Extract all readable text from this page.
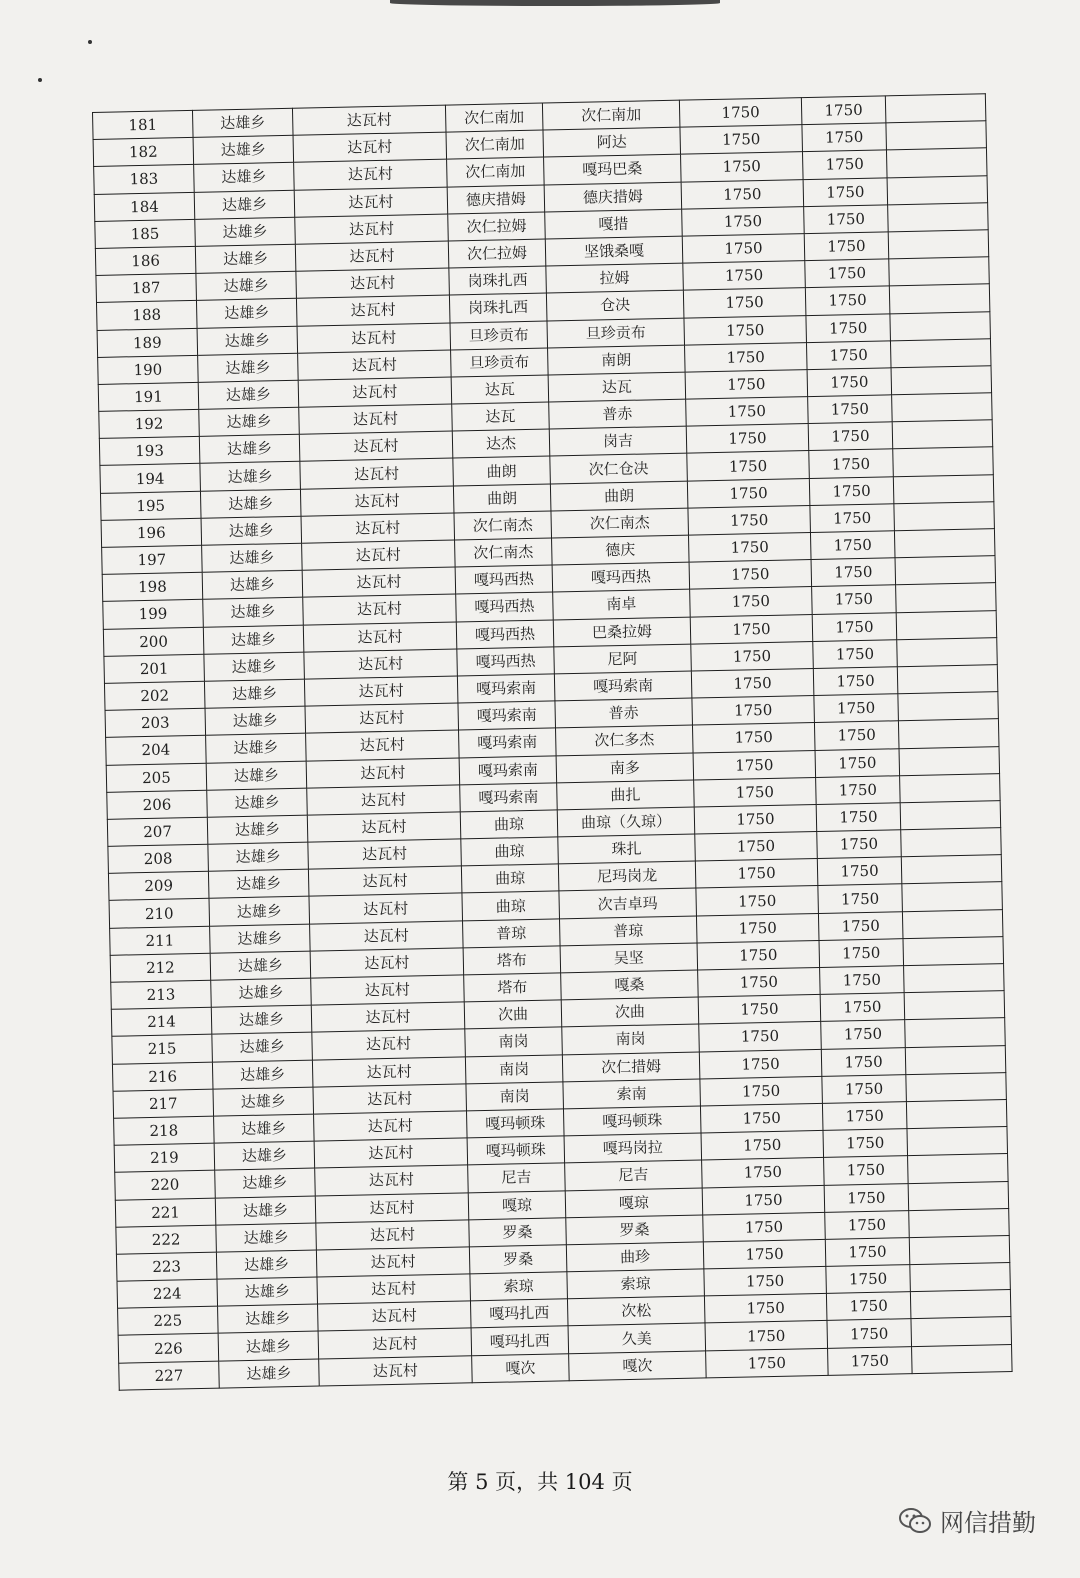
181	达雄乡	达瓦村	次仁南加	次仁南加	1750	1750	
182	达雄乡	达瓦村	次仁南加	阿达	1750	1750	
183	达雄乡	达瓦村	次仁南加	嘎玛巴桑	1750	1750	
184	达雄乡	达瓦村	德庆措姆	德庆措姆	1750	1750	
185	达雄乡	达瓦村	次仁拉姆	嘎措	1750	1750	
186	达雄乡	达瓦村	次仁拉姆	坚饿桑嘎	1750	1750	
187	达雄乡	达瓦村	岗珠扎西	拉姆	1750	1750	
188	达雄乡	达瓦村	岗珠扎西	仓决	1750	1750	
189	达雄乡	达瓦村	旦珍贡布	旦珍贡布	1750	1750	
190	达雄乡	达瓦村	旦珍贡布	南朗	1750	1750	
191	达雄乡	达瓦村	达瓦	达瓦	1750	1750	
192	达雄乡	达瓦村	达瓦	普赤	1750	1750	
193	达雄乡	达瓦村	达杰	岗吉	1750	1750	
194	达雄乡	达瓦村	曲朗	次仁仓决	1750	1750	
195	达雄乡	达瓦村	曲朗	曲朗	1750	1750	
196	达雄乡	达瓦村	次仁南杰	次仁南杰	1750	1750	
197	达雄乡	达瓦村	次仁南杰	德庆	1750	1750	
198	达雄乡	达瓦村	嘎玛西热	嘎玛西热	1750	1750	
199	达雄乡	达瓦村	嘎玛西热	南卓	1750	1750	
200	达雄乡	达瓦村	嘎玛西热	巴桑拉姆	1750	1750	
201	达雄乡	达瓦村	嘎玛西热	尼阿	1750	1750	
202	达雄乡	达瓦村	嘎玛索南	嘎玛索南	1750	1750	
203	达雄乡	达瓦村	嘎玛索南	普赤	1750	1750	
204	达雄乡	达瓦村	嘎玛索南	次仁多杰	1750	1750	
205	达雄乡	达瓦村	嘎玛索南	南多	1750	1750	
206	达雄乡	达瓦村	嘎玛索南	曲扎	1750	1750	
207	达雄乡	达瓦村	曲琼	曲琼（久琼）	1750	1750	
208	达雄乡	达瓦村	曲琼	珠扎	1750	1750	
209	达雄乡	达瓦村	曲琼	尼玛岗龙	1750	1750	
210	达雄乡	达瓦村	曲琼	次吉卓玛	1750	1750	
211	达雄乡	达瓦村	普琼	普琼	1750	1750	
212	达雄乡	达瓦村	塔布	吴坚	1750	1750	
213	达雄乡	达瓦村	塔布	嘎桑	1750	1750	
214	达雄乡	达瓦村	次曲	次曲	1750	1750	
215	达雄乡	达瓦村	南岗	南岗	1750	1750	
216	达雄乡	达瓦村	南岗	次仁措姆	1750	1750	
217	达雄乡	达瓦村	南岗	索南	1750	1750	
218	达雄乡	达瓦村	嘎玛顿珠	嘎玛顿珠	1750	1750	
219	达雄乡	达瓦村	嘎玛顿珠	嘎玛岗拉	1750	1750	
220	达雄乡	达瓦村	尼吉	尼吉	1750	1750	
221	达雄乡	达瓦村	嘎琼	嘎琼	1750	1750	
222	达雄乡	达瓦村	罗桑	罗桑	1750	1750	
223	达雄乡	达瓦村	罗桑	曲珍	1750	1750	
224	达雄乡	达瓦村	索琼	索琼	1750	1750	
225	达雄乡	达瓦村	嘎玛扎西	次松	1750	1750	
226	达雄乡	达瓦村	嘎玛扎西	久美	1750	1750	
227	达雄乡	达瓦村	嘎次	嘎次	1750	1750	
第 5 页，共 104 页
网信措勤
